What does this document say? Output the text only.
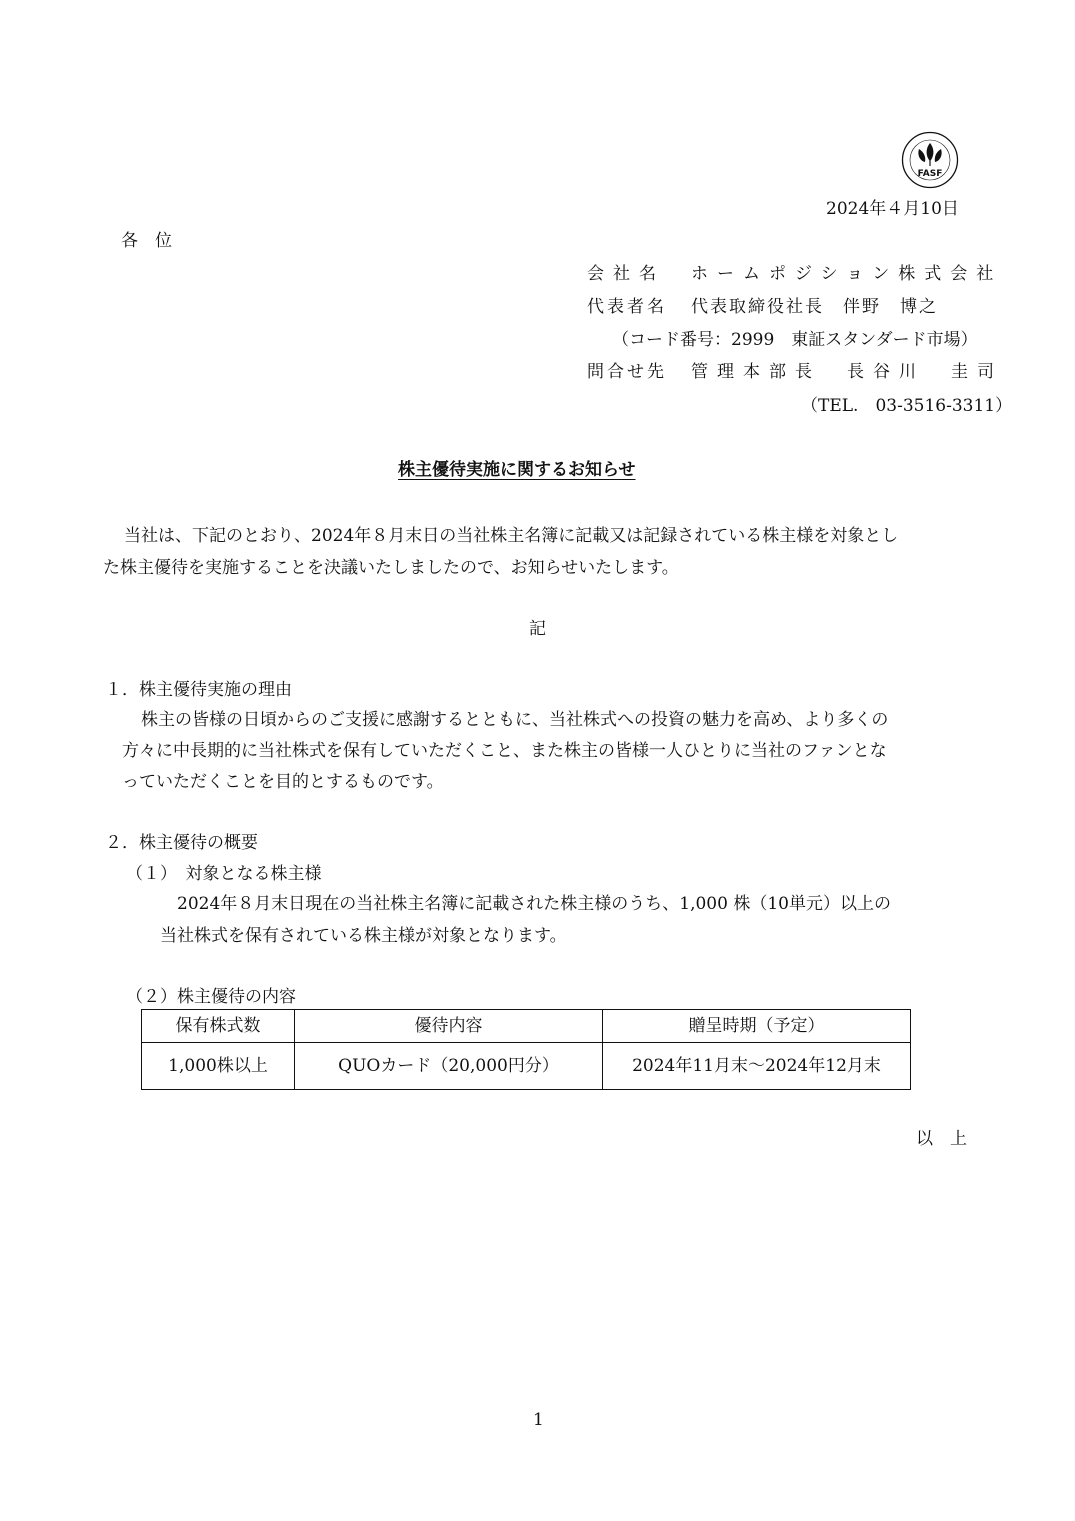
FASF
2024年４月10日
各　位
会社名 ホームポジション株式会社
代表者名 代表取締役社長　伴野　博之
（コード番号：2999　東証スタンダード市場）
問合せ先 管理本部長　長谷川　圭司
（TEL.　03-3516-3311）
株主優待実施に関するお知らせ
当社は、下記のとおり、2024年８月末日の当社株主名簿に記載又は記録されている株主様を対象とし
た株主優待を実施することを決議いたしましたので、お知らせいたします。
記
１．株主優待実施の理由
株主の皆様の日頃からのご支援に感謝するとともに、当社株式への投資の魅力を高め、より多くの
方々に中長期的に当社株式を保有していただくこと、また株主の皆様一人ひとりに当社のファンとな
っていただくことを目的とするものです。
２．株主優待の概要
（１）　対象となる株主様
2024年８月末日現在の当社株主名簿に記載された株主様のうち、1,000 株（10単元）以上の
当社株式を保有されている株主様が対象となります。
（２）株主優待の内容
保有株式数	優待内容	贈呈時期（予定）
1,000株以上	QUOカード（20,000円分）	2024年11月末～2024年12月末
以　上
1
